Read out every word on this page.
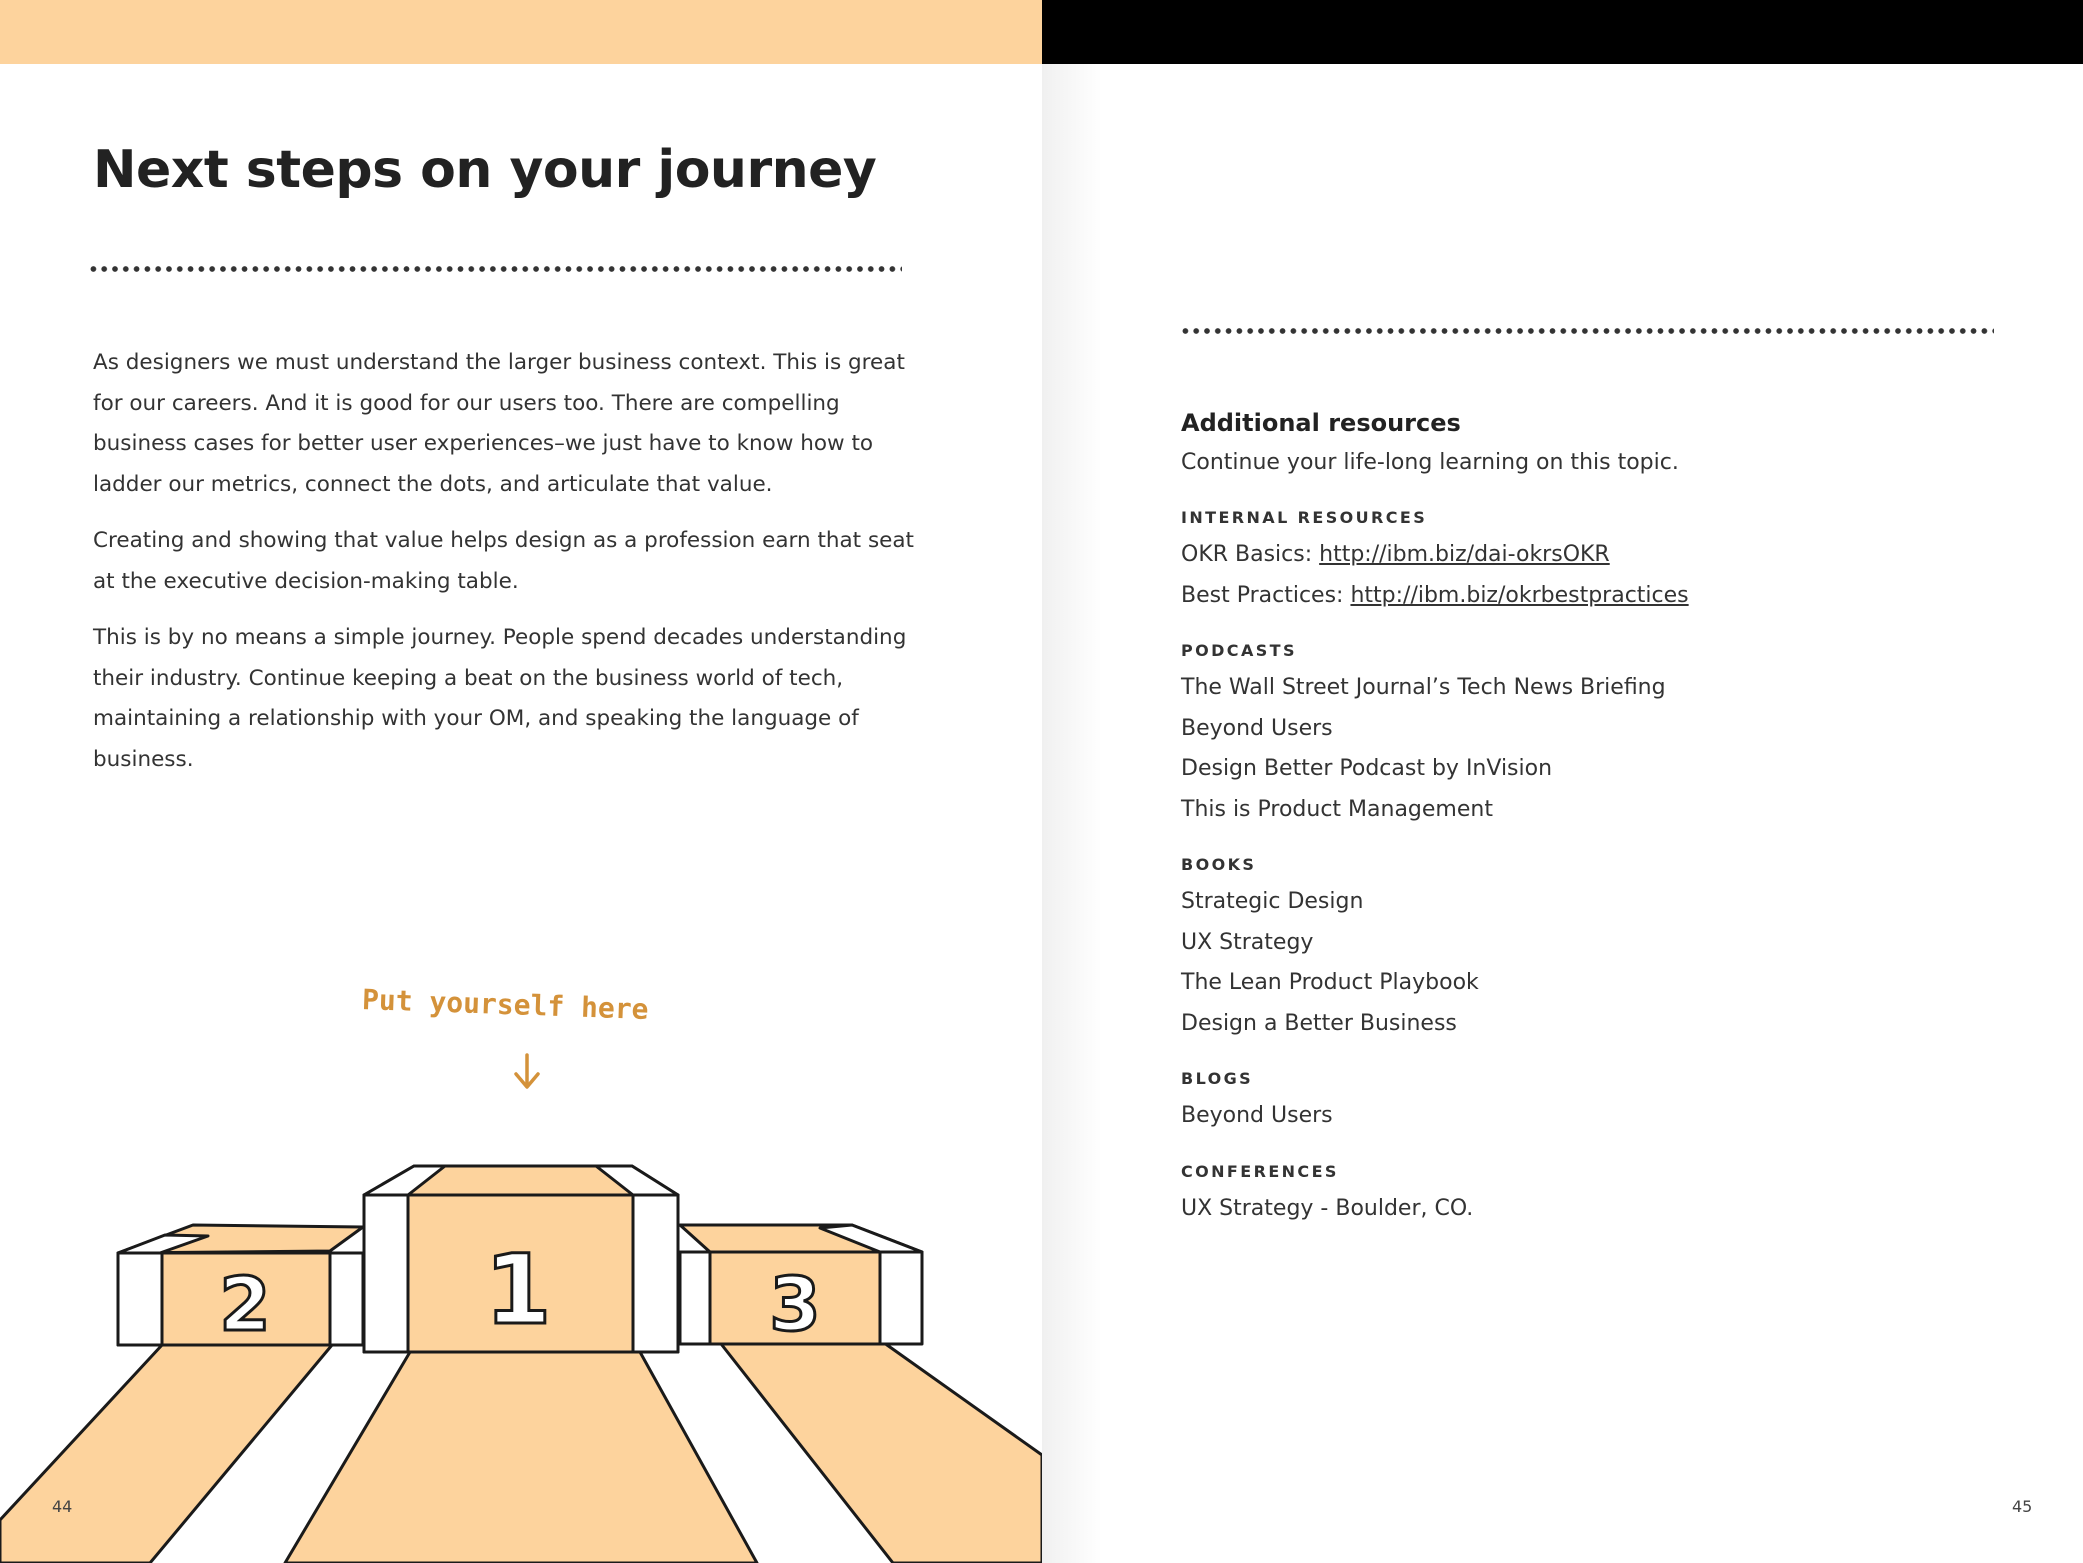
Next steps on your journey

As designers we must understand the larger business context. This is great for our careers. And it is good for our users too. There are compelling business cases for better user experiences–we just have to know how to ladder our metrics, connect the dots, and articulate that value.

Creating and showing that value helps design as a profession earn that seat at the executive decision-making table.

This is by no means a simple journey. People spend decades understanding their industry. Continue keeping a beat on the business world of tech, maintaining a relationship with your OM, and speaking the language of business.

Put yourself here

1
2	3

44

Additional resources

Continue your life-long learning on this topic.

INTERNAL RESOURCES

OKR Basics: http://ibm.biz/dai-okrsOKR

Best Practices: http://ibm.biz/okrbestpractices

PODCASTS

The Wall Street Journal’s Tech News Briefing

Beyond Users

Design Better Podcast by InVision

This is Product Management

BOOKS

Strategic Design

UX Strategy

The Lean Product Playbook

Design a Better Business

BLOGS

Beyond Users

CONFERENCES

UX Strategy - Boulder, CO.

45
